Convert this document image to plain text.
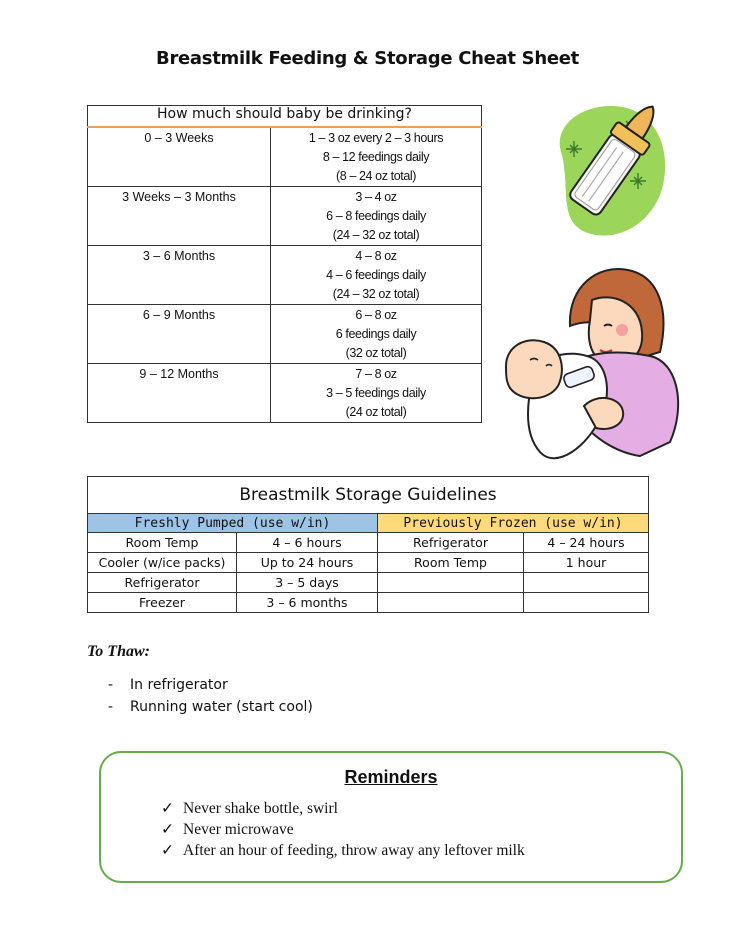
Breastmilk Feeding & Storage Cheat Sheet
How much should baby be drinking?	
0 – 3 Weeks	1 – 3 oz every 2 – 3 hours
8 – 12 feedings daily
(8 – 24 oz total)

3 Weeks – 3 Months	3 – 4 oz
6 – 8 feedings daily
(24 – 32 oz total)

3 – 6 Months	4 – 8 oz
4 – 6 feedings daily
(24 – 32 oz total)

6 – 9 Months	6 – 8 oz
6 feedings daily
(32 oz total)

9 – 12 Months	7 – 8 oz
3 – 5 feedings daily
(24 oz total)
Breastmilk Storage Guidelines			
Freshly Pumped (use w/in)		Previously Frozen (use w/in)	
Room Temp	4 – 6 hours	Refrigerator	4 – 24 hours
Cooler (w/ice packs)	Up to 24 hours	Room Temp	1 hour
Refrigerator	3 – 5 days		
Freezer	3 – 6 months		
To Thaw:
- In refrigerator
- Running water (start cool)
Reminders
✓ Never shake bottle, swirl
✓ Never microwave
✓ After an hour of feeding, throw away any leftover milk
